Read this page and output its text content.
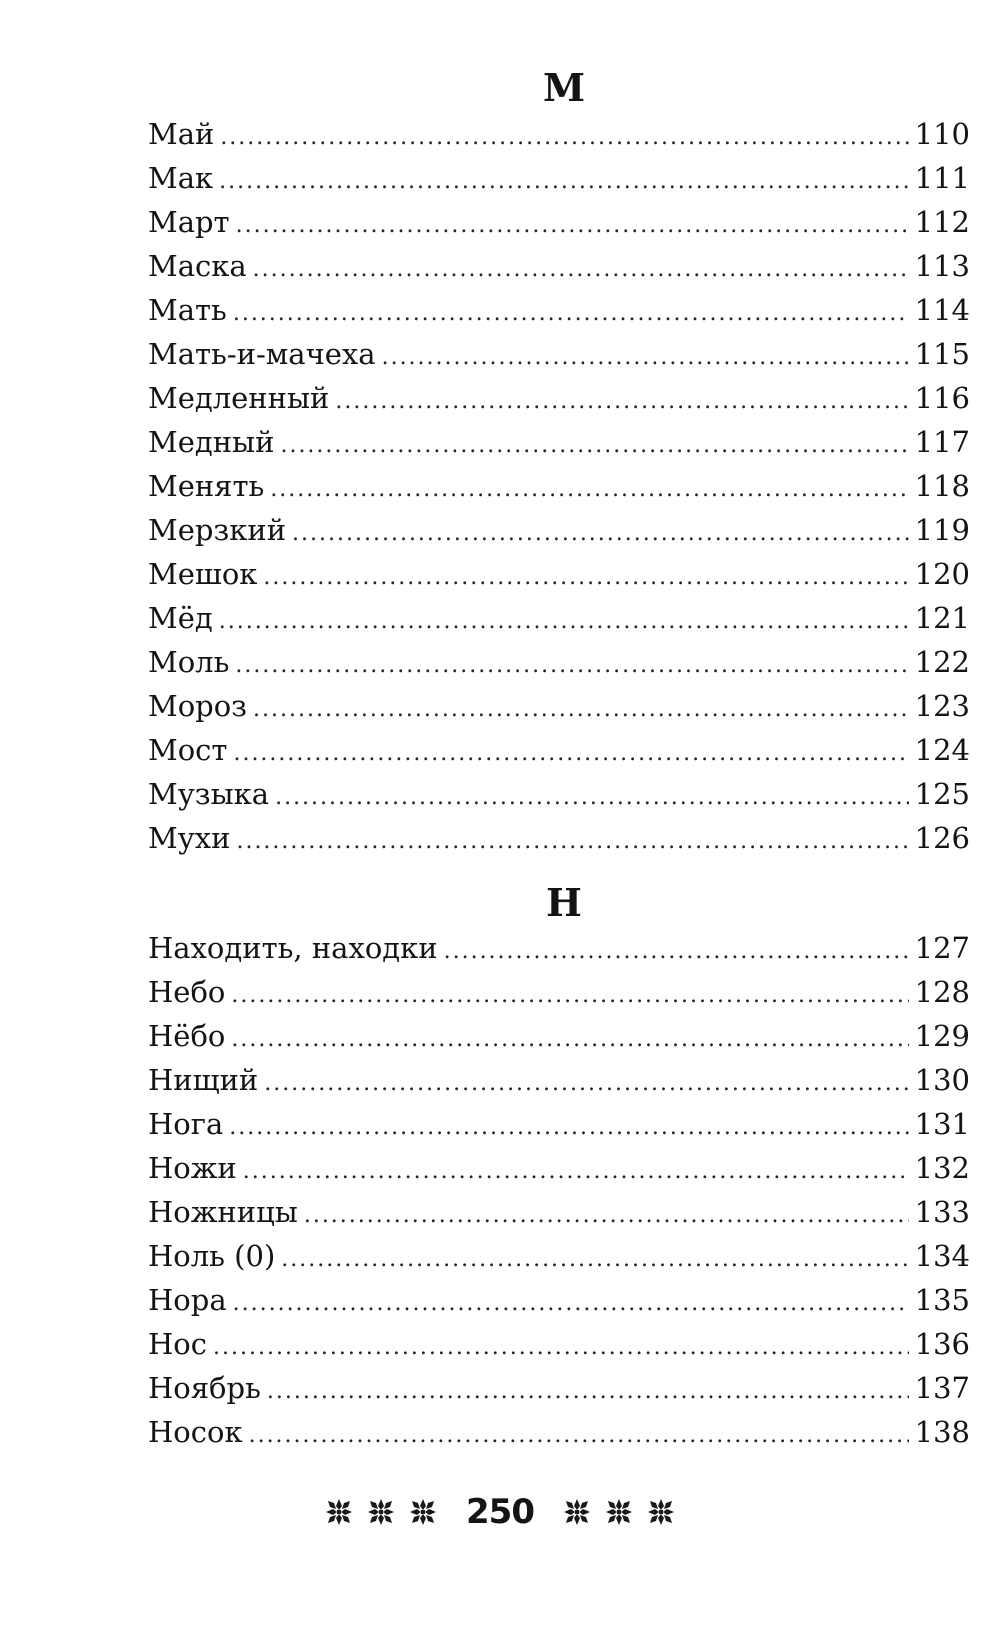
М
Май .....	110
Мак .....	111
Март .....	112
Маска .....	113
Мать .....	114
Мать-и-мачеха .....	115
Медленный .....	116
Медный .....	117
Менять .....	118
Мерзкий .....	119
Мешок .....	120
Мёд .....	121
Моль .....	122
Мороз .....	123
Мост .....	124
Музыка .....	125
Мухи .....	126
Н
Находить, находки .....	127
Небо .....	128
Нёбо .....	129
Нищий .....	130
Нога .....	131
Ножи .....	132
Ножницы .....	133
Ноль (0) .....	134
Нора .....	135
Нос .....	136
Ноябрь .....	137
Носок .....	138
250
